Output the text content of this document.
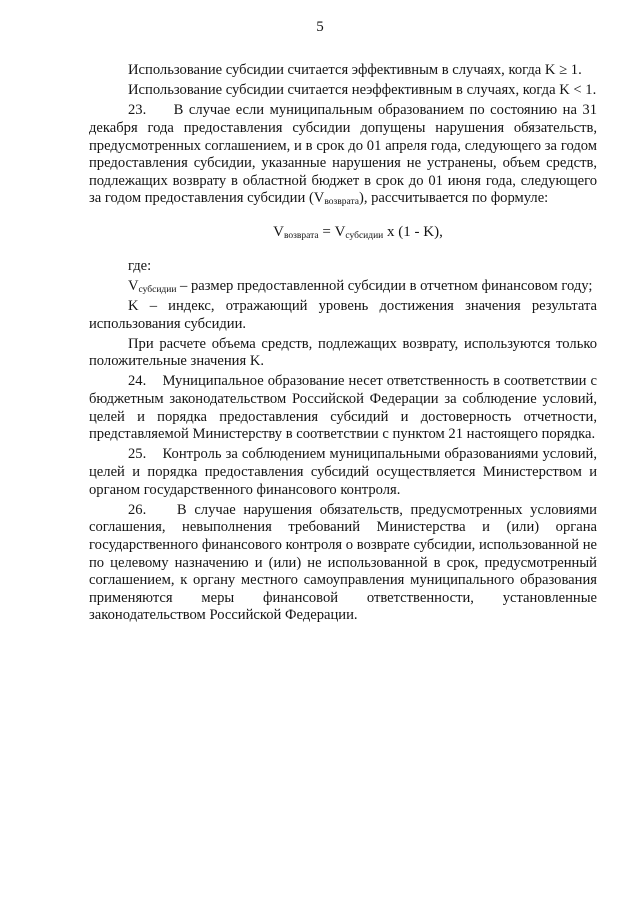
5

Использование субсидии считается эффективным в случаях, когда K ≥ 1.

Использование субсидии считается неэффективным в случаях, когда K < 1.

23.     В случае если муниципальным образованием по состоянию на 31 декабря года предоставления субсидии допущены нарушения обязательств, предусмотренных соглашением, и в срок до 01 апреля года, следующего за годом предоставления субсидии, указанные нарушения не устранены, объем средств, подлежащих возврату в областной бюджет в срок до 01 июня года, следующего за годом предоставления субсидии $(V_{возврата})$, рассчитывается по формуле:

$V_{возврата} = V_{субсидии}$ x (1 - K),

где:

$V_{субсидии}$ – размер предоставленной субсидии в отчетном финансовом году;

K – индекс, отражающий уровень достижения значения результата использования субсидии.

При расчете объема средств, подлежащих возврату, используются только положительные значения K.

24.    Муниципальное образование несет ответственность в соответствии с бюджетным законодательством Российской Федерации за соблюдение условий, целей и порядка предоставления субсидий и достоверность отчетности, представляемой Министерству в соответствии с пунктом 21 настоящего порядка.

25.    Контроль за соблюдением муниципальными образованиями условий, целей и порядка предоставления субсидий осуществляется Министерством и органом государственного финансового контроля.

26.    В случае нарушения обязательств, предусмотренных условиями соглашения, невыполнения требований Министерства и (или) органа государственного финансового контроля о возврате субсидии, использованной не по целевому назначению и (или) не использованной в срок, предусмотренный соглашением, к органу местного самоуправления муниципального образования применяются меры финансовой ответственности, установленные законодательством Российской Федерации.
